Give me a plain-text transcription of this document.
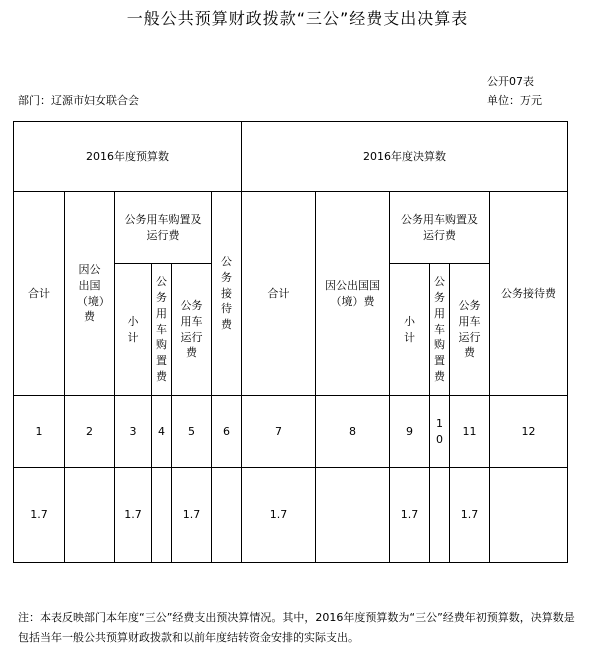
一般公共预算财政拨款“三公”经费支出决算表
公开07表
部门：辽源市妇女联合会	单位：万元
2016年度预算数						2016年度决算数					
合计	因公出国（境）费	公务用车购置及运行费			公务接待费	合计	因公出国国（境）费	公务用车购置及运行费			公务接待费

		小计	公务用车购置费	公务用车运行费				小计	公务用车购置费	公务用车运行费	

1	2	3	4	5	6	7	8	9	10	11	12
1.7		1.7		1.7		1.7		1.7		1.7	
注：本表反映部门本年度“三公”经费支出预决算情况。其中，2016年度预算数为“三公”经费年初预算数，决算数是包括当年一般公共预算财政拨款和以前年度结转资金安排的实际支出。
